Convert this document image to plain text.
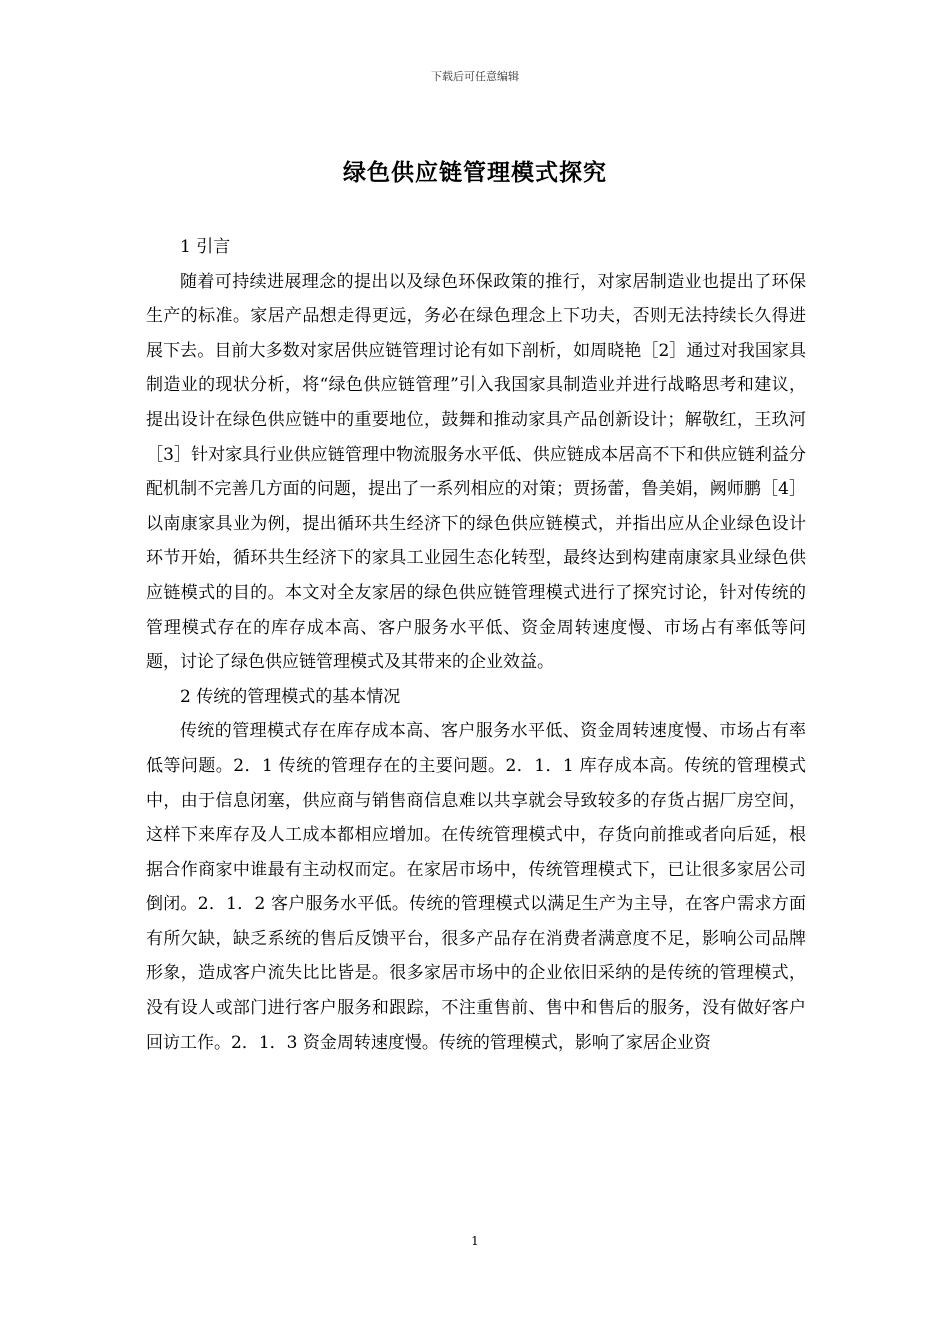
下载后可任意编辑
绿色供应链管理模式探究

1 引言

随着可持续进展理念的提出以及绿色环保政策的推行，对家居制造业也提出了环保生产的标准。家居产品想走得更远，务必在绿色理念上下功夫，否则无法持续长久得进展下去。目前大多数对家居供应链管理讨论有如下剖析，如周晓艳［2］通过对我国家具制造业的现状分析，将“绿色供应链管理”引入我国家具制造业并进行战略思考和建议，提出设计在绿色供应链中的重要地位，鼓舞和推动家具产品创新设计；解敬红，王玖河［3］针对家具行业供应链管理中物流服务水平低、供应链成本居高不下和供应链利益分配机制不完善几方面的问题，提出了一系列相应的对策；贾扬蕾，鲁美娟，阙师鹏［4］以南康家具业为例，提出循环共生经济下的绿色供应链模式，并指出应从企业绿色设计环节开始，循环共生经济下的家具工业园生态化转型，最终达到构建南康家具业绿色供应链模式的目的。本文对全友家居的绿色供应链管理模式进行了探究讨论，针对传统的管理模式存在的库存成本高、客户服务水平低、资金周转速度慢、市场占有率低等问题，讨论了绿色供应链管理模式及其带来的企业效益。

2 传统的管理模式的基本情况

传统的管理模式存在库存成本高、客户服务水平低、资金周转速度慢、市场占有率低等问题。2．1 传统的管理存在的主要问题。2．1．1 库存成本高。传统的管理模式中，由于信息闭塞，供应商与销售商信息难以共享就会导致较多的存货占据厂房空间，这样下来库存及人工成本都相应增加。在传统管理模式中，存货向前推或者向后延，根据合作商家中谁最有主动权而定。在家居市场中，传统管理模式下，已让很多家居公司倒闭。2．1．2 客户服务水平低。传统的管理模式以满足生产为主导，在客户需求方面有所欠缺，缺乏系统的售后反馈平台，很多产品存在消费者满意度不足，影响公司品牌形象，造成客户流失比比皆是。很多家居市场中的企业依旧采纳的是传统的管理模式，没有设人或部门进行客户服务和跟踪，不注重售前、售中和售后的服务，没有做好客户回访工作。2．1．3 资金周转速度慢。传统的管理模式，影响了家居企业资

1
